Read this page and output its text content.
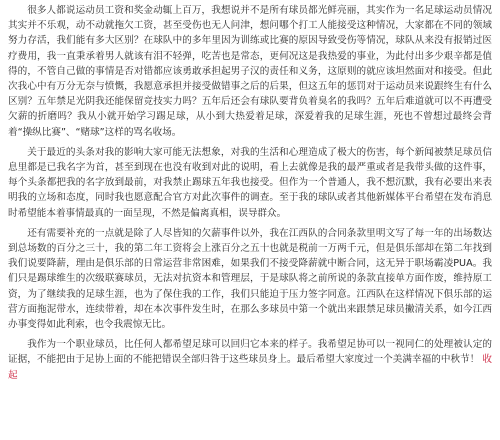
很多人都说运动员工资和奖金动辄上百万，我想说并不是所有球员都光鲜亮丽，其实作为一名足球运动员情况其实并不乐观，动不动就拖欠工资，甚至受伤也无人问津，想问哪个打工人能接受这种情况，大家都在不同的领域努力存活，我们能有多大区别？在球队中的多年里因为训练或比赛的原因导致受伤等情况，球队从来没有报销过医疗费用，我一直秉承着男人就该有泪不轻弹，吃苦也是常态，更何况这是我热爱的事业，为此付出多少艰辛都是值得的，不管自己做的事情是否对错都应该勇敢承担起男子汉的责任和义务，这原则的就应该坦然面对和接受。但此次我心中有万分无奈与愤慨，我愿意承担并接受做错事之后的后果，但这五年的惩罚对于运动员来说跟终生有什么区别？五年禁足光阴我还能保留竞技实力吗？五年后还会有球队要背负着臭名的我吗？五年后难道就可以不再遭受欠薪的折磨吗？我从小就开始学习踢足球，从小到大热爱着足球，深爱着我的足球生涯，死也不曾想过最终会背着“操纵比赛”、“赌球”这样的骂名收场。

关于最近的头条对我的影响大家可能无法想象，对我的生活和心理造成了极大的伤害，每个新闻被禁足球员信息里都是已我名字为首，甚至到现在也没有收到对此的说明，看上去就像是我的最严重或者是我带头做的这件事，每个头条都把我的名字放到最前，对我禁止踢球五年我也接受。但作为一个普通人，我不想沉默，我有必要出来表明我的立场和态度，同时我也愿意配合官方对此次事件的调查。至于我的球队或者其他新媒体平台希望在发布消息时希望能本着事情最真的一面呈现，不然是偏离真相，误导群众。

还有需要补充的一点就是除了人尽皆知的欠薪事件以外，我在江西队的合同条款里明文写了每一年的出场数达到总场数的百分之三十，我的第二年工资将会上涨百分之五十也就是税前一万两千元，但是俱乐部却在第二年找到我们说要降薪，理由是俱乐部的日常运营非常困难，如果我们不接受降薪就中断合同，这无异于职场霸凌PUA。我们只是踢球维生的次级联赛球员，无法对抗资本和管理层，于是球队将之前所说的条款直接单方面作废，维持原工资，为了继续我的足球生涯，也为了保住我的工作，我们只能迫于压力签字同意。江西队在这样情况下俱乐部的运营方面拖泥带水，连续带着，却在本次事件发生时，在那么多球员中第一个就出来跟禁足球员撇清关系，如今江西办事变得如此利索，也令我震惊无比。

我作为一个职业球员，比任何人都希望足球可以回归它本来的样子。我希望足协可以一视同仁的处理被认定的证据，不能把由于足协上面的不能把错误全部归咎于这些球员身上。最后希望大家度过一个美满幸福的中秋节！ 收起
